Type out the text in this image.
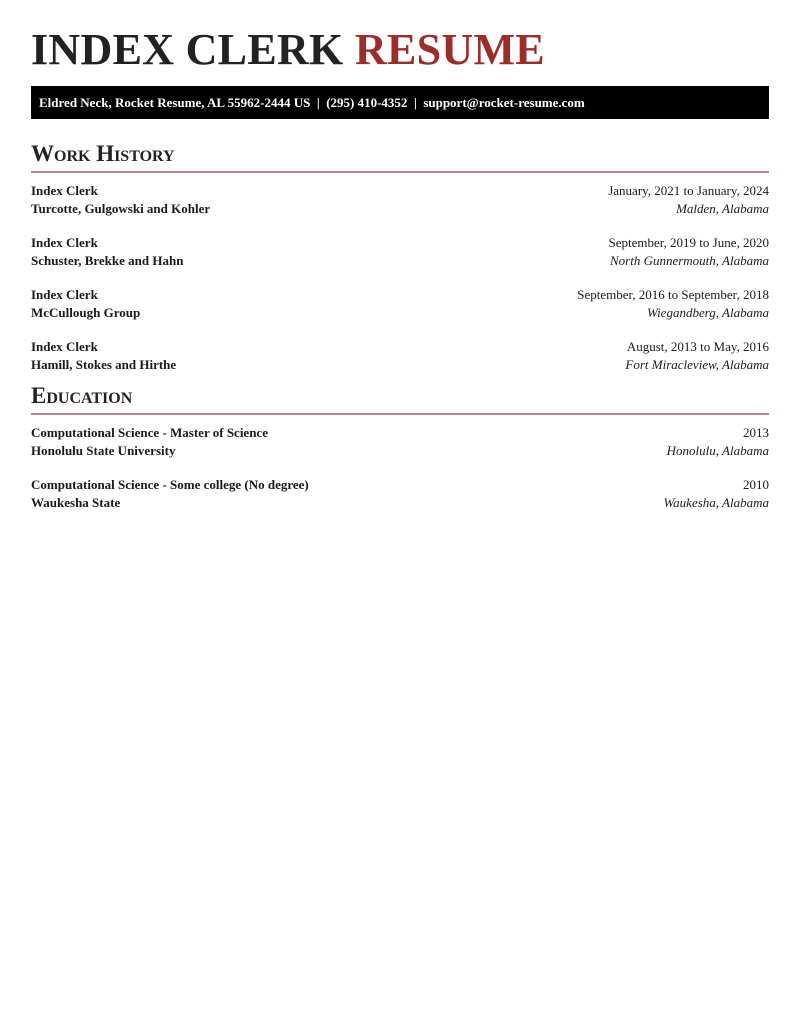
INDEX CLERK RESUME
Eldred Neck, Rocket Resume, AL 55962-2444 US | (295) 410-4352 | support@rocket-resume.com
Work History
Index Clerk	January, 2021 to January, 2024
Turcotte, Gulgowski and Kohler	Malden, Alabama
Index Clerk	September, 2019 to June, 2020
Schuster, Brekke and Hahn	North Gunnermouth, Alabama
Index Clerk	September, 2016 to September, 2018
McCullough Group	Wiegandberg, Alabama
Index Clerk	August, 2013 to May, 2016
Hamill, Stokes and Hirthe	Fort Miracleview, Alabama
Education
Computational Science - Master of Science	2013
Honolulu State University	Honolulu, Alabama
Computational Science - Some college (No degree)	2010
Waukesha State	Waukesha, Alabama
